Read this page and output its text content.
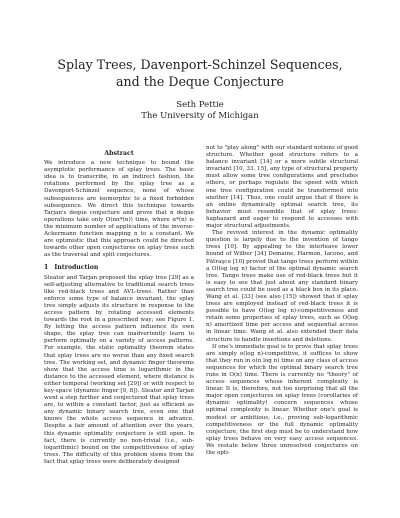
Splay Trees, Davenport-Schinzel Sequences,
and the Deque Conjecture
Seth Pettie
The University of Michigan
Abstract

We introduce a new technique to bound the asymptotic performance of splay trees. The basic idea is to transcribe, in an indirect fashion, the rotations performed by the splay tree as a Davenport-Schinzel sequence, none of whose subsequences are isomorphic to a fixed forbidden subsequence. We direct this technique towards Tarjan's deque conjecture and prove that n deque operations take only O(nα*(n)) time, where α*(n) is the minimum number of applications of the inverse-Ackermann function mapping n to a constant. We are optimistic that this approach could be directed towards other open conjectures on splay trees such as the traversal and split conjectures.

1 Introduction

Sleator and Tarjan proposed the splay tree [29] as a self-adjusting alternative to traditional search trees like red-black trees and AVL-trees. Rather than enforce some type of balance invariant, the splay tree simply adjusts its structure in response to the access pattern by rotating accessed elements towards the root in a prescribed way; see Figure 1. By letting the access pattern influence its own shape, the splay tree can inadvertently learn to perform optimally on a variety of access patterns. For example, the static optimality theorem states that splay trees are no worse than any fixed search tree. The working set, and dynamic finger theorems show that the access time is logarithmic in the distance to the accessed element, where distance is either temporal (working set [29]) or with respect to key-space (dynamic finger [9, 8]). Sleator and Tarjan went a step further and conjectured that splay trees are, to within a constant factor, just as efficient as any dynamic binary search tree, even one that knows the whole access sequence in advance. Despite a fair amount of attention over the years, this dynamic optimality conjecture is still open. In fact, there is currently no non-trivial (i.e., sub-logarithmic) bound on the competitiveness of splay trees. The difficulty of this problem stems from the fact that splay trees were deliberately designed

not to "play along" with our standard notions of good structure. Whether good structure refers to a balance invariant [14] or a more subtle structural invariant [10, 33, 15], any type of structural property must allow some tree configurations and precludes others, or perhaps regulate the speed with which one tree configuration could be transformed into another [14]. Thus, one could argue that if there is an online dynamically optimal search tree, its behavior must resemble that of splay trees: haphazard and eager to respond to accesses with major structural adjustments.

The revived interest in the dynamic optimality question is largely due to the invention of tango trees [10]. By appealing to the interleave lower bound of Wilber [34] Demaine, Harmon, Iacono, and Pătraşcu [10] proved that tango trees perform within a O(log log n) factor of the optimal dynamic search tree. Tango trees make use of red-black trees but it is easy to see that just about any standard binary search tree could be used as a black box in its place. Wang et al. [33] (see also [15]) showed that if splay trees are employed instead of red-black trees it is possible to have O(log log n)-competitiveness and retain some properties of splay trees, such as O(log n) amortized time per access and sequential access in linear time. Wang et al. also extended their data structure to handle insertions and deletions.

If one's immediate goal is to prove that splay trees are simply o(log n)-competitive, it suffices to show that they run in o(n log n) time on any class of access sequences for which the optimal binary search tree runs in O(n) time. There is currently no "theory" of access sequences whose inherent complexity is linear. It is, therefore, not too surprising that all the major open conjectures on splay trees (corollaries of dynamic optimality) concern sequences whose optimal complexity is linear. Whether one's goal is modest or ambitious, i.e., proving sub-logarithmic competitiveness or the full dynamic optimality conjecture, the first step must be to understand how splay trees behave on very easy access sequences. We restate below three unresolved conjectures on the opti-
